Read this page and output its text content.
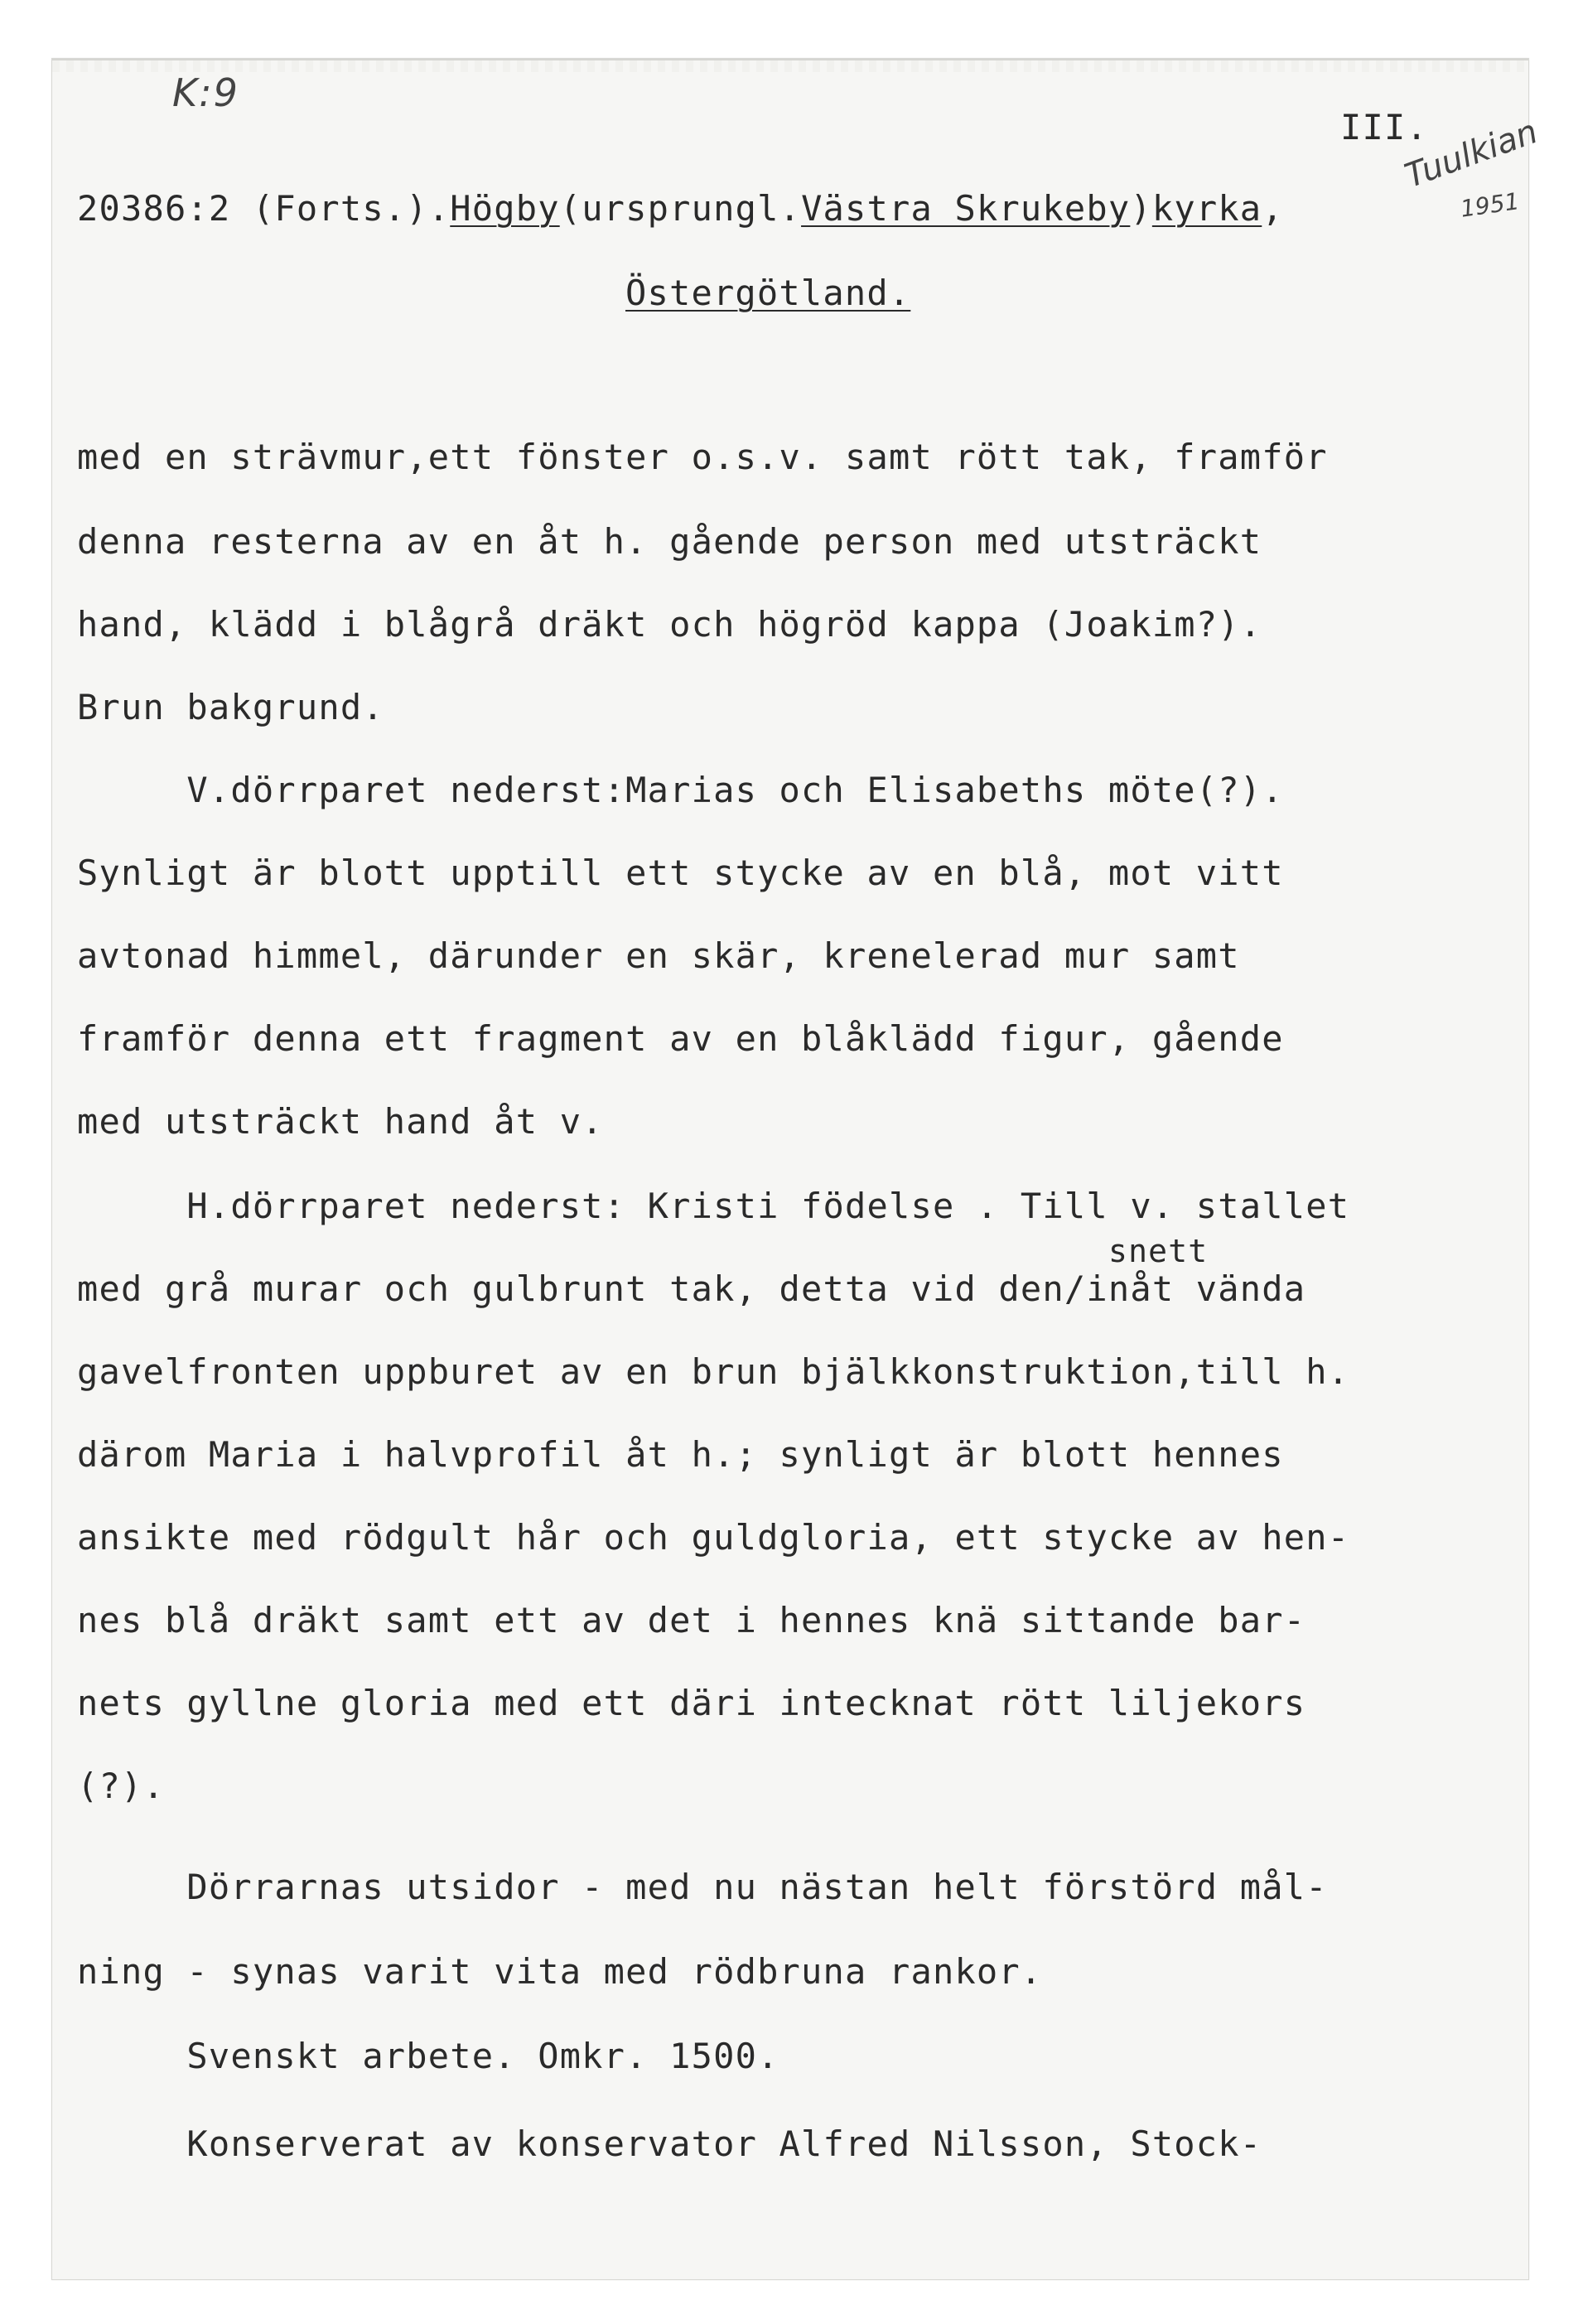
K:9
Tuulkian
1951
III.
20386:2 (Forts.).Högby(ursprungl.Västra Skrukeby)kyrka,
Östergötland.
med en strävmur,ett fönster o.s.v. samt rött tak, framför
denna resterna av en åt h. gående person med utsträckt
hand, klädd i blågrå dräkt och högröd kappa (Joakim?).
Brun bakgrund.
V.dörrparet nederst:Marias och Elisabeths möte(?).
Synligt är blott upptill ett stycke av en blå, mot vitt
avtonad himmel, därunder en skär, krenelerad mur samt
framför denna ett fragment av en blåklädd figur, gående
med utsträckt hand åt v.
H.dörrparet nederst: Kristi födelse . Till v. stallet
snett
med grå murar och gulbrunt tak, detta vid den/inåt vända
gavelfronten uppburet av en brun bjälkkonstruktion,till h.
därom Maria i halvprofil åt h.; synligt är blott hennes
ansikte med rödgult hår och guldgloria, ett stycke av hen-
nes blå dräkt samt ett av det i hennes knä sittande bar-
nets gyllne gloria med ett däri intecknat rött liljekors
(?).
Dörrarnas utsidor - med nu nästan helt förstörd mål-
ning - synas varit vita med rödbruna rankor.
Svenskt arbete. Omkr. 1500.
Konserverat av konservator Alfred Nilsson, Stock-
